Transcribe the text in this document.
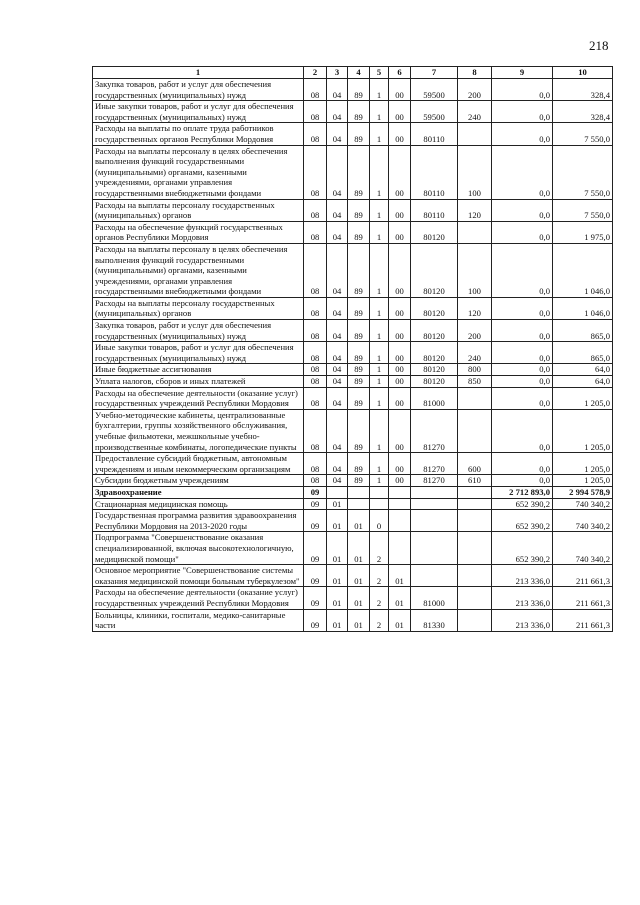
218
1	2	3	4	5	6	7	8	9	10
Закупка товаров, работ и услуг для обеспечения государственных (муниципальных) нужд	08	04	89	1	00	59500	200	0,0	328,4
Иные закупки товаров, работ и услуг для обеспечения государственных (муниципальных) нужд	08	04	89	1	00	59500	240	0,0	328,4
Расходы на выплаты по оплате труда работников государственных органов Республики Мордовия	08	04	89	1	00	80110		0,0	7 550,0
Расходы на выплаты персоналу в целях обеспечения выполнения функций государственными (муниципальными) органами, казенными учреждениями, органами управления государственными внебюджетными фондами	08	04	89	1	00	80110	100	0,0	7 550,0
Расходы на выплаты персоналу государственных (муниципальных) органов	08	04	89	1	00	80110	120	0,0	7 550,0
Расходы на обеспечение функций государственных органов Республики Мордовия	08	04	89	1	00	80120		0,0	1 975,0
Расходы на выплаты персоналу в целях обеспечения выполнения функций государственными (муниципальными) органами, казенными учреждениями, органами управления государственными внебюджетными фондами	08	04	89	1	00	80120	100	0,0	1 046,0
Расходы на выплаты персоналу государственных (муниципальных) органов	08	04	89	1	00	80120	120	0,0	1 046,0
Закупка товаров, работ и услуг для обеспечения государственных (муниципальных) нужд	08	04	89	1	00	80120	200	0,0	865,0
Иные закупки товаров, работ и услуг для обеспечения государственных (муниципальных) нужд	08	04	89	1	00	80120	240	0,0	865,0
Иные бюджетные ассигнования	08	04	89	1	00	80120	800	0,0	64,0
Уплата налогов, сборов и иных платежей	08	04	89	1	00	80120	850	0,0	64,0
Расходы на обеспечение деятельности (оказание услуг) государственных учреждений Республики Мордовия	08	04	89	1	00	81000		0,0	1 205,0
Учебно-методические кабинеты, централизованные бухгалтерии, группы хозяйственного обслуживания, учебные фильмотеки, межшкольные учебно-производственные комбинаты, логопедические пункты	08	04	89	1	00	81270		0,0	1 205,0
Предоставление субсидий бюджетным, автономным учреждениям и иным некоммерческим организациям	08	04	89	1	00	81270	600	0,0	1 205,0
Субсидии бюджетным учреждениям	08	04	89	1	00	81270	610	0,0	1 205,0
Здравоохранение	09							2 712 893,0	2 994 578,9
Стационарная медицинская помощь	09	01						652 390,2	740 340,2
Государственная программа развития здравоохранения Республики Мордовия на 2013-2020 годы	09	01	01	0				652 390,2	740 340,2
Подпрограмма "Совершенствование оказания специализированной, включая высокотехнологичную, медицинской помощи"	09	01	01	2				652 390,2	740 340,2
Основное мероприятие "Совершенствование системы оказания медицинской помощи больным туберкулезом"	09	01	01	2	01			213 336,0	211 661,3
Расходы на обеспечение деятельности (оказание услуг) государственных учреждений Республики Мордовия	09	01	01	2	01	81000		213 336,0	211 661,3
Больницы, клиники, госпитали, медико-санитарные части	09	01	01	2	01	81330		213 336,0	211 661,3
